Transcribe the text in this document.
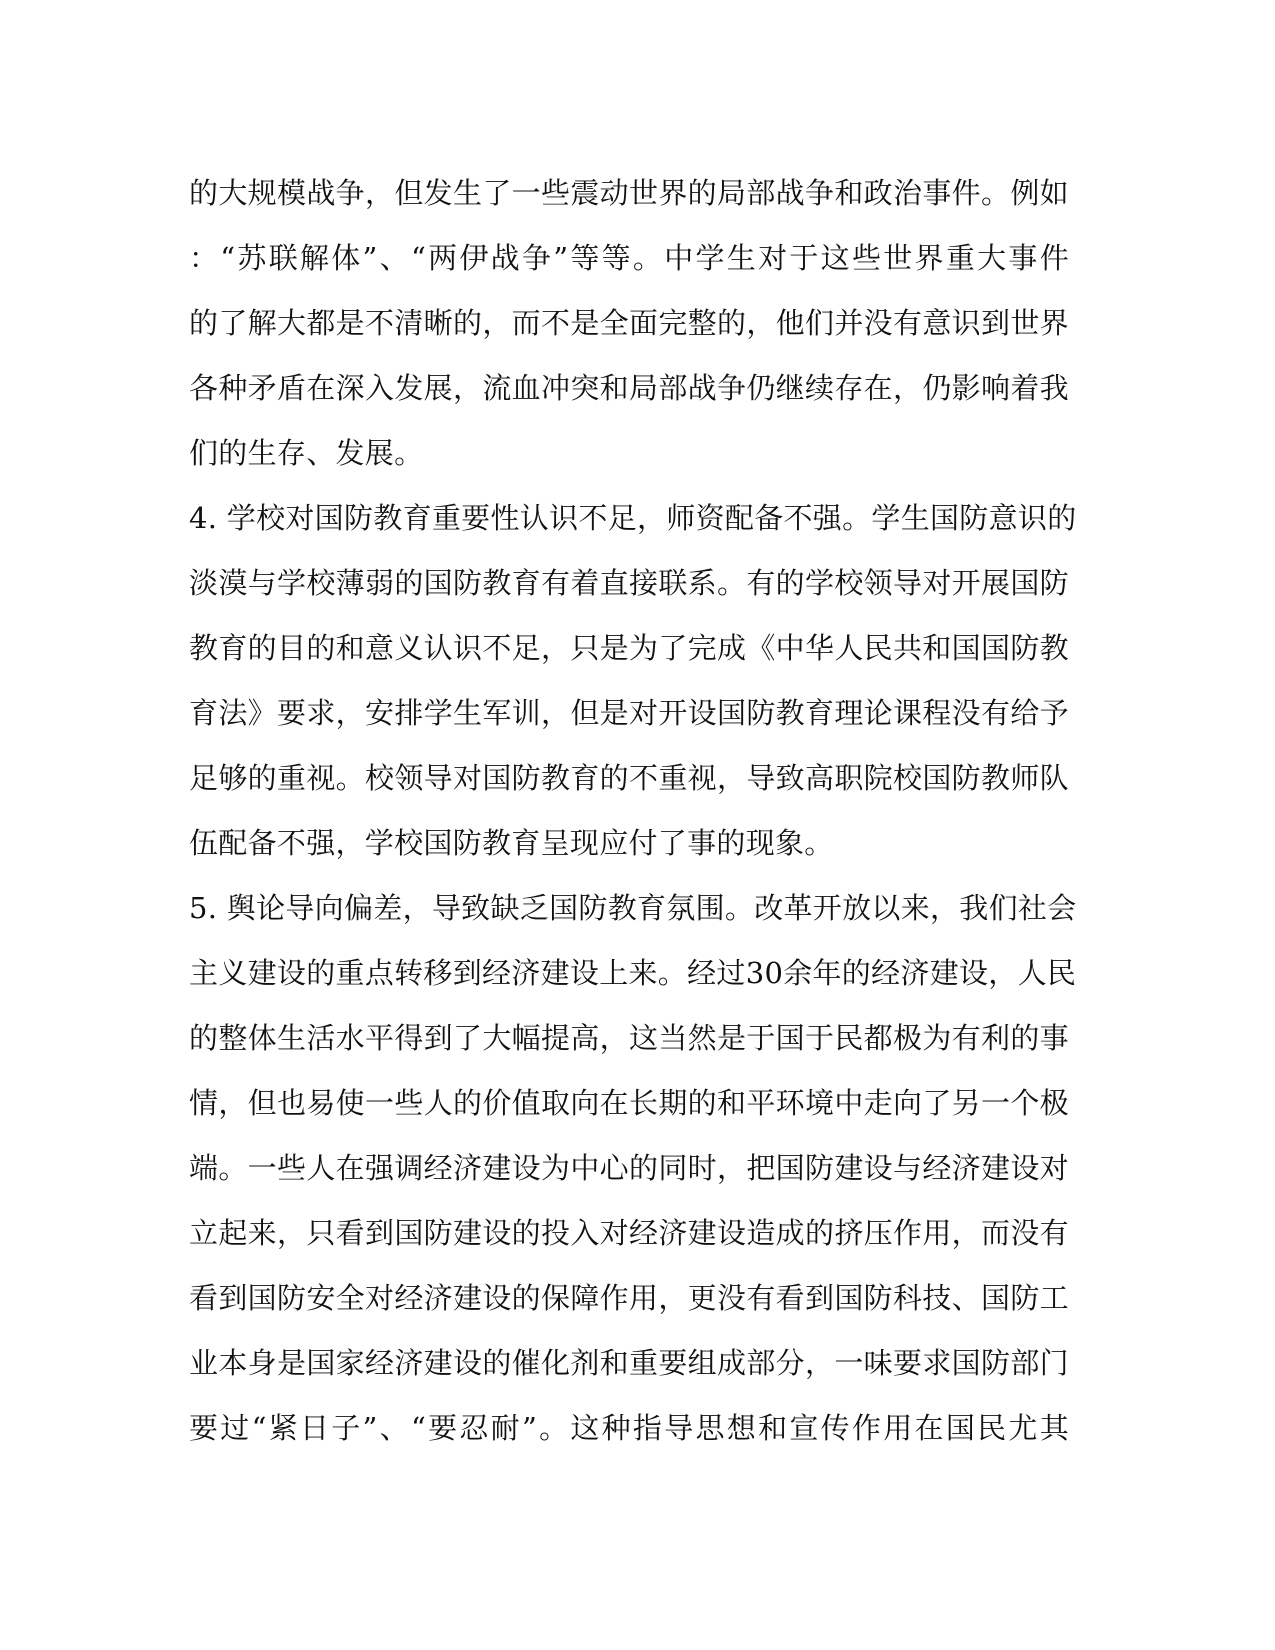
的大规模战争，但发生了一些震动世界的局部战争和政治事件。例如
：“苏联解体”、“两伊战争”等等。中学生对于这些世界重大事件
的了解大都是不清晰的，而不是全面完整的，他们并没有意识到世界
各种矛盾在深入发展，流血冲突和局部战争仍继续存在，仍影响着我
们的生存、发展。
4. 学校对国防教育重要性认识不足，师资配备不强。学生国防意识的
淡漠与学校薄弱的国防教育有着直接联系。有的学校领导对开展国防
教育的目的和意义认识不足，只是为了完成《中华人民共和国国防教
育法》要求，安排学生军训，但是对开设国防教育理论课程没有给予
足够的重视。校领导对国防教育的不重视，导致高职院校国防教师队
伍配备不强，学校国防教育呈现应付了事的现象。
5. 舆论导向偏差，导致缺乏国防教育氛围。改革开放以来，我们社会
主义建设的重点转移到经济建设上来。经过30余年的经济建设，人民
的整体生活水平得到了大幅提高，这当然是于国于民都极为有利的事
情，但也易使一些人的价值取向在长期的和平环境中走向了另一个极
端。一些人在强调经济建设为中心的同时，把国防建设与经济建设对
立起来，只看到国防建设的投入对经济建设造成的挤压作用，而没有
看到国防安全对经济建设的保障作用，更没有看到国防科技、国防工
业本身是国家经济建设的催化剂和重要组成部分，一味要求国防部门
要过“紧日子”、“要忍耐”。这种指导思想和宣传作用在国民尤其
